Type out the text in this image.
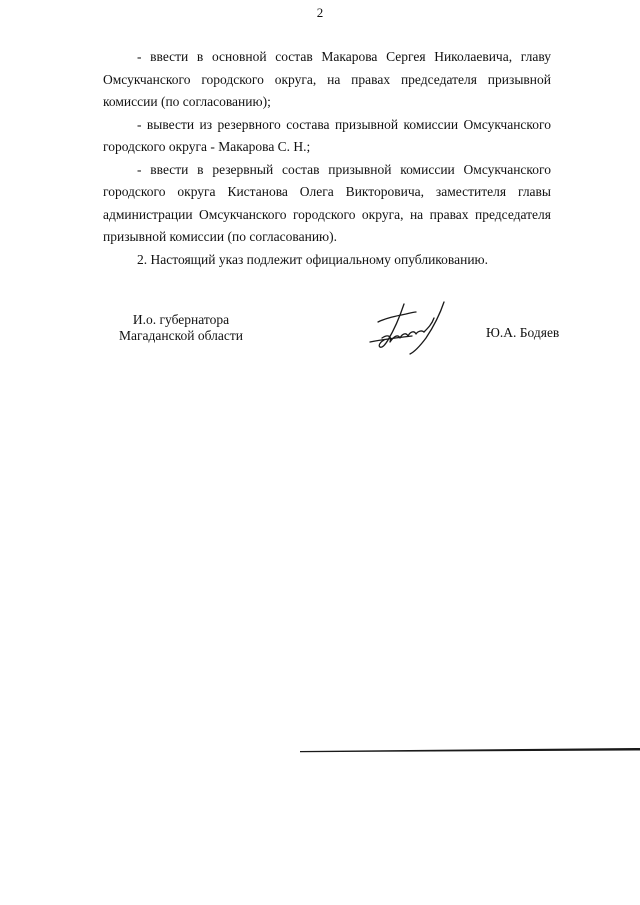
2

- ввести в основной состав Макарова Сергея Николаевича, главу Омсукчанского городского округа, на правах председателя призывной комиссии (по согласованию);

- вывести из резервного состава призывной комиссии Омсукчанского городского округа - Макарова С. Н.;

- ввести в резервный состав призывной комиссии Омсукчанского городского округа Кистанова Олега Викторовича, заместителя главы администрации Омсукчанского городского округа, на правах председателя призывной комиссии (по согласованию).

2. Настоящий указ подлежит официальному опубликованию.

И.о. губернатора
Магаданской области	Ю.А. Бодяев
